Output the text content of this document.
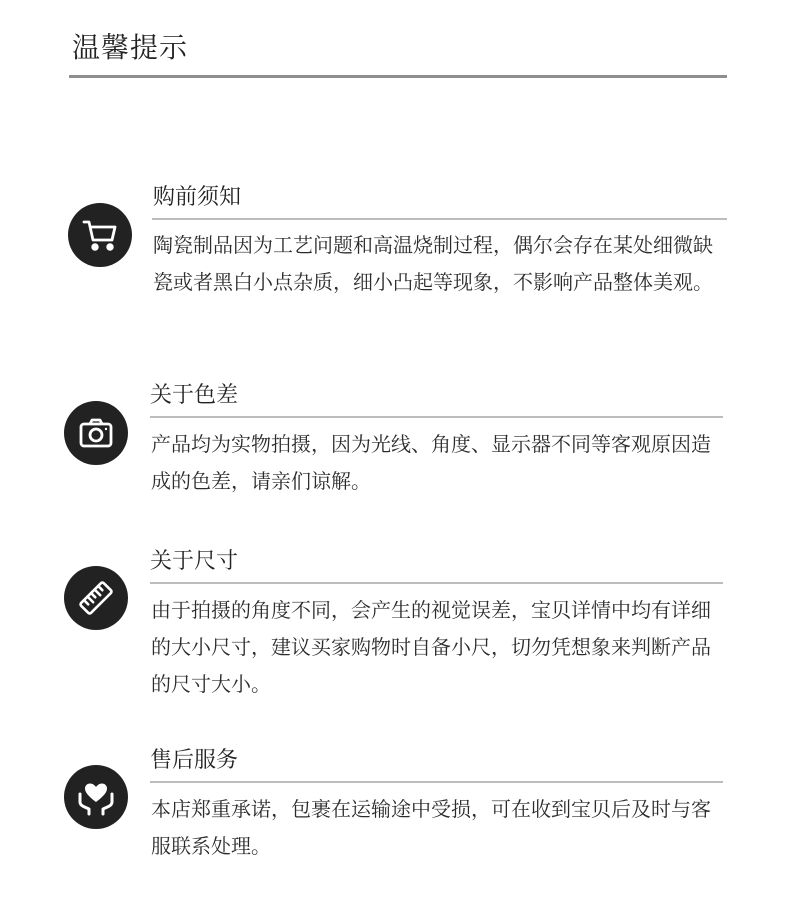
温馨提示
购前须知

陶瓷制品因为工艺问题和高温烧制过程，偶尔会存在某处细微缺瓷或者黑白小点杂质，细小凸起等现象，不影响产品整体美观。

关于色差

产品均为实物拍摄，因为光线、角度、显示器不同等客观原因造成的色差，请亲们谅解。

关于尺寸

由于拍摄的角度不同，会产生的视觉误差，宝贝详情中均有详细的大小尺寸，建议买家购物时自备小尺，切勿凭想象来判断产品的尺寸大小。

售后服务

本店郑重承诺，包裹在运输途中受损，可在收到宝贝后及时与客服联系处理。
